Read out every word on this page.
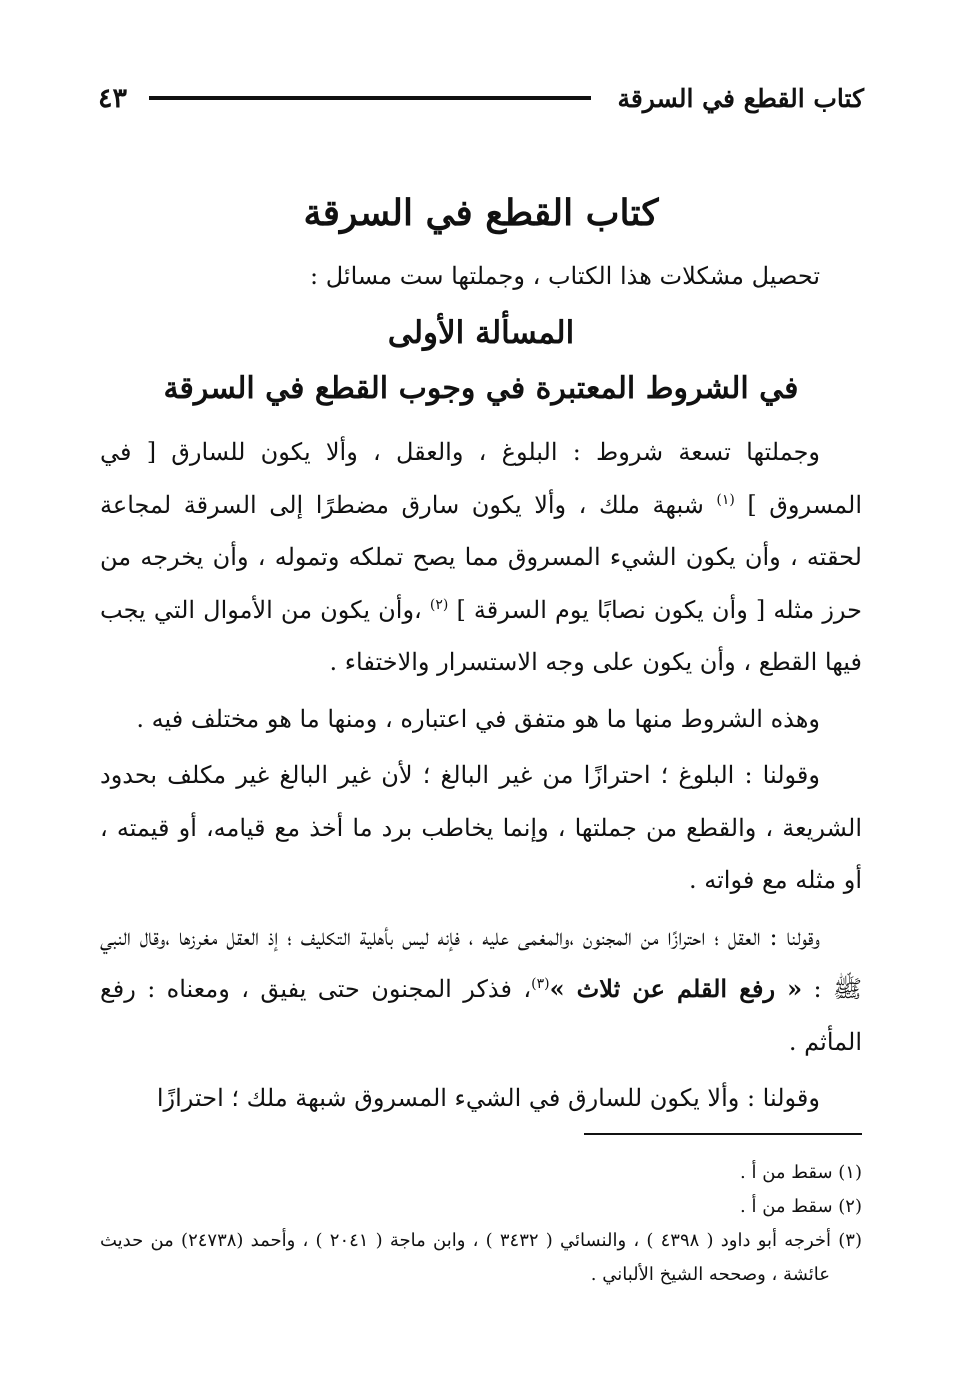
كتاب القطع في السرقة
٤٣
كتاب القطع في السرقة

تحصيل مشكلات هذا الكتاب ، وجملتها ست مسائل :

المسألة الأولى
في الشروط المعتبرة في وجوب القطع في السرقة

وجملتها تسعة شروط : البلوغ ، والعقل ، وألا يكون للسارق [ في المسروق ] $^{(١)}$ شبهة ملك ، وألا يكون سارق مضطرًا إلى السرقة لمجاعة لحقته ، وأن يكون الشيء المسروق مما يصح تملكه وتموله ، وأن يخرجه من حرز مثله [ وأن يكون نصابًا يوم السرقة ] $^{(٢)}$ ،وأن يكون من الأموال التي يجب فيها القطع ، وأن يكون على وجه الاستسرار والاختفاء .

وهذه الشروط منها ما هو متفق في اعتباره ، ومنها ما هو مختلف فيه .

وقولنا : البلوغ ؛ احترازًا من غير البالغ ؛ لأن غير البالغ غير مكلف بحدود الشريعة ، والقطع من جملتها ، وإنما يخاطب برد ما أخذ مع قيامه، أو قيمته ، أو مثله مع فواته .

وقولنا : العقل ؛ احترازًا من المجنون ،والمغمى عليه ، فإنه ليس بأهلية التكليف ؛ إذ العقل مغرزها ،وقال النبي ﷺ : « رفع القلم عن ثلاث »$^{(٣)}$، فذكر المجنون حتى يفيق ، ومعناه : رفع المأثم .

وقولنا : وألا يكون للسارق في الشيء المسروق شبهة ملك ؛ احترازًا

(١) سقط من أ .

(٢) سقط من أ .

(٣) أخرجه أبو داود ( ٤٣٩٨ ) ، والنسائي ( ٣٤٣٢ ) ، وابن ماجة ( ٢٠٤١ ) ، وأحمد (٢٤٧٣٨) من حديث عائشة ، وصححه الشيخ الألباني .
